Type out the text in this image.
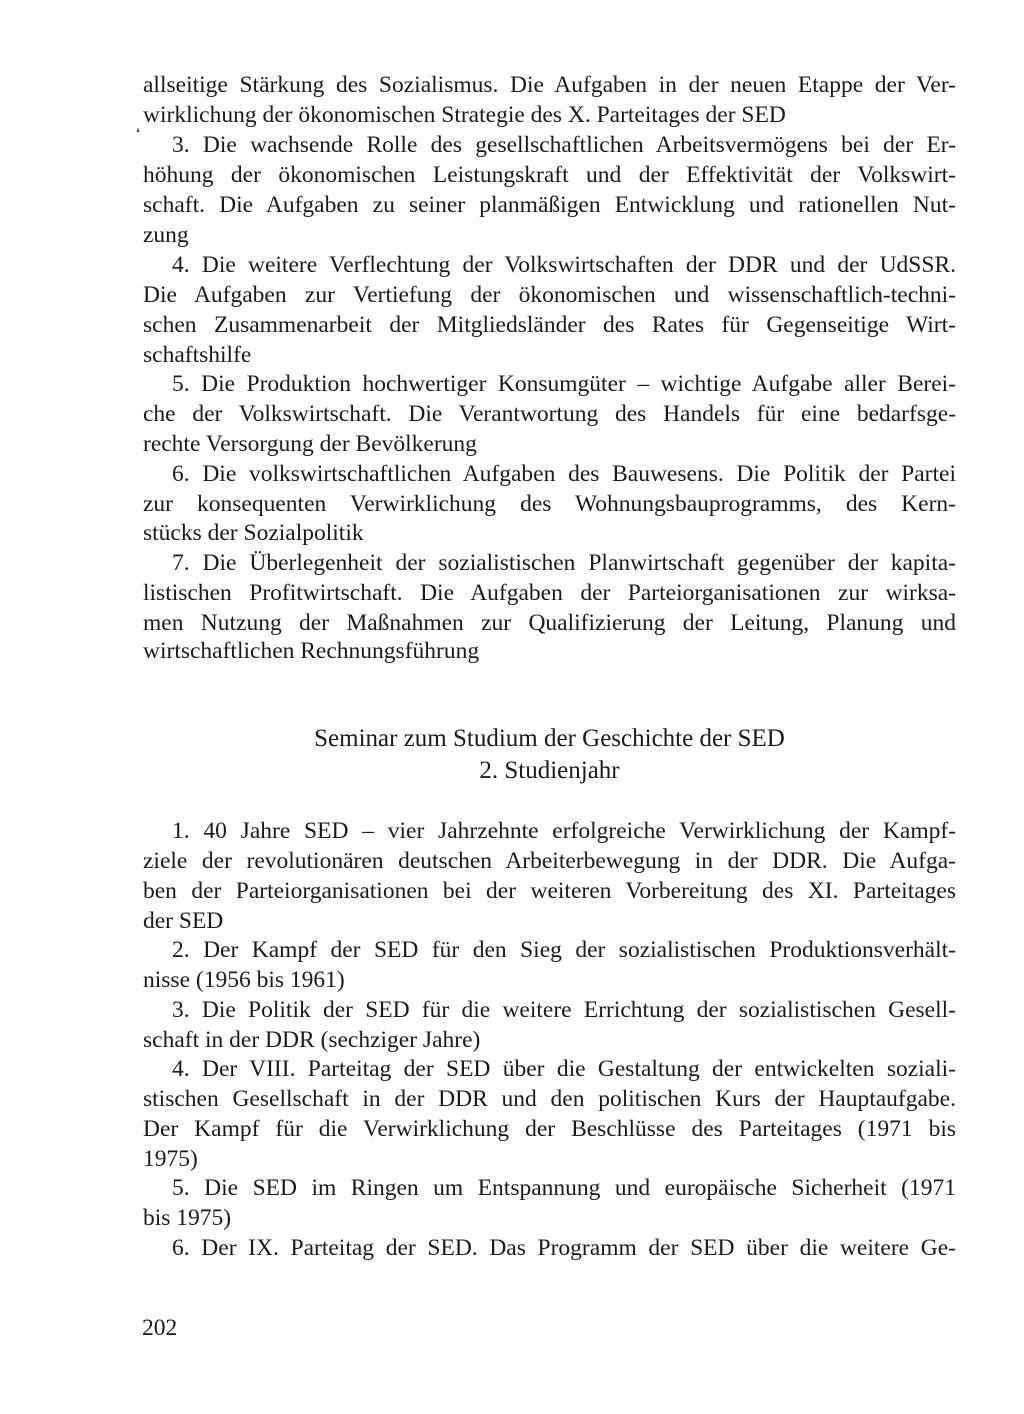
❛
allseitige Stärkung des Sozialismus. Die Aufgaben in der neuen Etappe der Ver-
wirklichung der ökonomischen Strategie des X. Parteitages der SED
3. Die wachsende Rolle des gesellschaftlichen Arbeitsvermögens bei der Er-
höhung der ökonomischen Leistungskraft und der Effektivität der Volkswirt-
schaft. Die Aufgaben zu seiner planmäßigen Entwicklung und rationellen Nut-
zung
4. Die weitere Verflechtung der Volkswirtschaften der DDR und der UdSSR.
Die Aufgaben zur Vertiefung der ökonomischen und wissenschaftlich-techni-
schen Zusammenarbeit der Mitgliedsländer des Rates für Gegenseitige Wirt-
schaftshilfe
5. Die Produktion hochwertiger Konsumgüter – wichtige Aufgabe aller Berei-
che der Volkswirtschaft. Die Verantwortung des Handels für eine bedarfsge-
rechte Versorgung der Bevölkerung
6. Die volkswirtschaftlichen Aufgaben des Bauwesens. Die Politik der Partei
zur konsequenten Verwirklichung des Wohnungsbauprogramms, des Kern-
stücks der Sozialpolitik
7. Die Überlegenheit der sozialistischen Planwirtschaft gegenüber der kapita-
listischen Profitwirtschaft. Die Aufgaben der Parteiorganisationen zur wirksa-
men Nutzung der Maßnahmen zur Qualifizierung der Leitung, Planung und
wirtschaftlichen Rechnungsführung
Seminar zum Studium der Geschichte der SED
2. Studienjahr
1. 40 Jahre SED – vier Jahrzehnte erfolgreiche Verwirklichung der Kampf-
ziele der revolutionären deutschen Arbeiterbewegung in der DDR. Die Aufga-
ben der Parteiorganisationen bei der weiteren Vorbereitung des XI. Parteitages
der SED
2. Der Kampf der SED für den Sieg der sozialistischen Produktionsverhält-
nisse (1956 bis 1961)
3. Die Politik der SED für die weitere Errichtung der sozialistischen Gesell-
schaft in der DDR (sechziger Jahre)
4. Der VIII. Parteitag der SED über die Gestaltung der entwickelten soziali-
stischen Gesellschaft in der DDR und den politischen Kurs der Hauptaufgabe.
Der Kampf für die Verwirklichung der Beschlüsse des Parteitages (1971 bis
1975)
5. Die SED im Ringen um Entspannung und europäische Sicherheit (1971
bis 1975)
6. Der IX. Parteitag der SED. Das Programm der SED über die weitere Ge-
202
